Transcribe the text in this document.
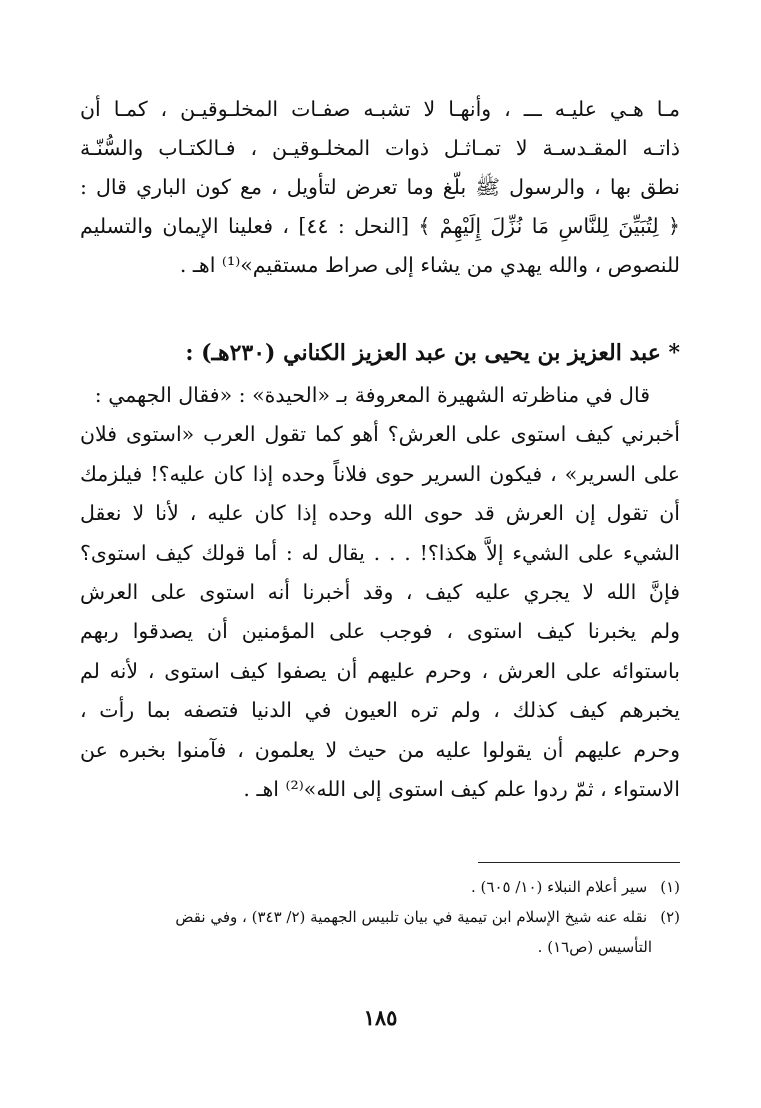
مـا هـي عليـه ـــ ، وأنهـا لا تشبـه صفـات المخلـوقيـن ، كمـا أن
ذاتـه المقـدسـة لا تمـاثـل ذوات المخلـوقيـن ، فـالكتـاب والسُّنّـة
نطق بها ، والرسول ﷺ بلّغ وما تعرض لتأويل ، مع كون الباري قال :
﴿ لِتُبَيِّنَ لِلنَّاسِ مَا نُزِّلَ إِلَيْهِمْ ﴾ [النحل : ٤٤] ، فعلينا الإيمان والتسليم
للنصوص ، والله يهدي من يشاء إلى صراط مستقيم»⁽¹⁾ اهـ .
* عبد العزيز بن يحيى بن عبد العزيز الكناني (٢٣٠هـ) :
قال في مناظرته الشهيرة المعروفة بـ «الحيدة» : «فقال الجهمي :
أخبرني كيف استوى على العرش؟ أهو كما تقول العرب «استوى فلان
على السرير» ، فيكون السرير حوى فلاناً وحده إذا كان عليه؟! فيلزمك
أن تقول إن العرش قد حوى الله وحده إذا كان عليه ، لأنا لا نعقل
الشيء على الشيء إلاَّ هكذا؟! . . . يقال له : أما قولك كيف استوى؟
فإنَّ الله لا يجري عليه كيف ، وقد أخبرنا أنه استوى على العرش
ولم يخبرنا كيف استوى ، فوجب على المؤمنين أن يصدقوا ربهم
باستوائه على العرش ، وحرم عليهم أن يصفوا كيف استوى ، لأنه لم
يخبرهم كيف كذلك ، ولم تره العيون في الدنيا فتصفه بما رأت ،
وحرم عليهم أن يقولوا عليه من حيث لا يعلمون ، فآمنوا بخبره عن
الاستواء ، ثمّ ردوا علم كيف استوى إلى الله»⁽²⁾ اهـ .
(١) سير أعلام النبلاء (١٠/ ٦٠٥) .
(٢) نقله عنه شيخ الإسلام ابن تيمية في بيان تلبيس الجهمية (٢/ ٣٤٣) ، وفي نقض
التأسيس (ص١٦) .
١٨٥
